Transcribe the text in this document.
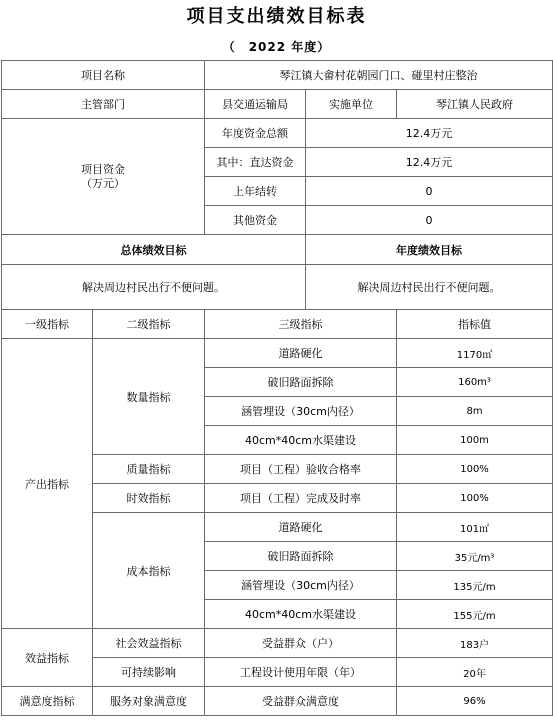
项目支出绩效目标表
（　2022 年度）
项目名称		琴江镇大畲村花朝园门口、碰里村庄整治		
主管部门		县交通运输局	实施单位	琴江镇人民政府
项目资金
（万元）		年度资金总额	12.4万元	
		其中：直达资金	12.4万元	
		上年结转	0	
		其他资金	0	
总体绩效目标			年度绩效目标	
解决周边村民出行不便问题。			解决周边村民出行不便问题。	
一级指标	二级指标	三级指标		指标值
产出指标	数量指标	道路硬化		1170㎡
		破旧路面拆除		160m³
		涵管埋设（30cm内径）		8m
		40cm*40cm水渠建设		100m
	质量指标	项目（工程）验收合格率		100%
	时效指标	项目（工程）完成及时率		100%
	成本指标	道路硬化		101㎡
		破旧路面拆除		35元/m³
		涵管埋设（30cm内径）		135元/m
		40cm*40cm水渠建设		155元/m
效益指标	社会效益指标	受益群众（户）		183户
	可持续影响	工程设计使用年限（年）		20年
满意度指标	服务对象满意度	受益群众满意度		96%
